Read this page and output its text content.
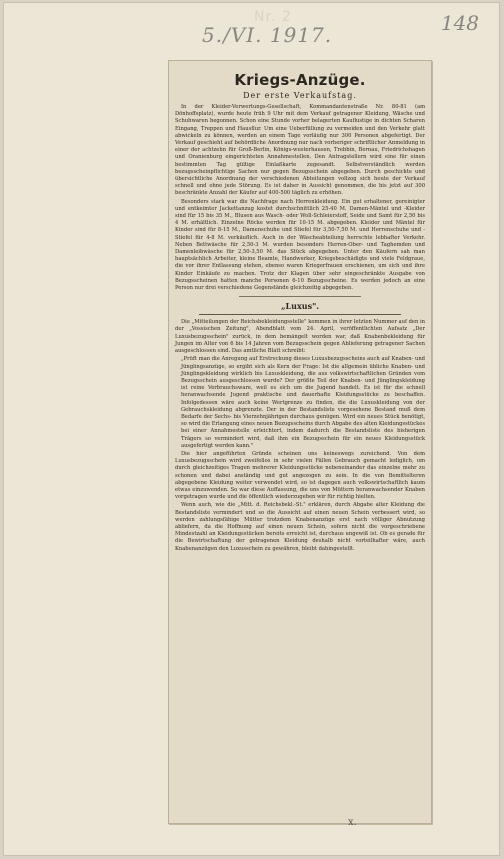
Nr. 2
5./VI. 1917.	148
Kriegs-Anzüge.
Der erste Verkaufstag.

In der Kleider-Verwertungs-Gesellschaft, Kommandantenstraße Nr. 80-81 (am Dönhoffsplatz), wurde heute früh 9 Uhr mit dem Verkauf getragener Kleidung, Wäsche und Schuhwaren begonnen. Schon eine Stunde vorher belagerten Kauflustige in dichten Scharen Eingang, Treppen und Hausflur. Um eine Ueberfüllung zu vermeiden und den Verkehr glatt abwickeln zu können, werden an einem Tage vorläufig nur 300 Personen abgefertigt. Der Verkauf geschieht auf behördliche Anordnung nur nach vorheriger schriftlicher Anmeldung in einer der achtzehn für Groß-Berlin, Königs-wusterhausen, Trebbin, Bernau, Friedrichshagen und Oranienburg eingerichteten Annahmestellen. Den Antragstellern wird eine für einen bestimmten Tag gültige Einlaßkarte zugesandt. Selbstverständlich werden bezugsscheinpflichtige Sachen nur gegen Bezugsschein abgegeben. Durch geschickte und übersichtliche Anordnung der verschiedenen Abteilungen vollzog sich heute der Verkauf schnell und ohne jede Störung. Es ist daher in Aussicht genommen, die bis jetzt auf 300 beschränkte Anzahl der Käufer auf 400-500 täglich zu erhöhen.

Besonders stark war die Nachfrage nach Herrenkleidung. Ein gut erhaltener, gereinigter und entkeimter Jackettanzug kostet durchschnittlich 25-40 M. Damen-Mäntel und -Kleider sind für 15 bis 35 M., Blusen aus Wasch- oder Woll-Schleierstoff, Seide und Samt für 2,50 bis 4 M. erhältlich. Einzelne Röcke werden für 10-15 M. abgegeben. Kleider und Mäntel für Kinder sind für 8-15 M., Damenschuhe und Stiefel für 3,50-7,50 M. und Herrenschuhe und -Stiefel für 4-8 M. verkäuflich. Auch in der Wäscheabteilung herrschte lebhafter Verkehr. Neben Bettwäsche für 2,50-3 M. wurden besonders Herren-Ober- und Taghemden und Damenleibwäsche für 2,50-3,50 M. das Stück abgegeben. Unter den Käufern sah man hauptsächlich Arbeiter, kleine Beamte, Handwerker, Kriegsbeschädigte und viele Feldgraue, die vor ihrer Entlassung stehen, ebenso waren Kriegerfrauen erschienen, um sich und ihre Kinder Einkäufe zu machen. Trotz der Klagen über sehr eingeschränkte Ausgabe von Bezugsscheinen hatten manche Personen 6-10 Bezugsscheine. Es werden jedoch an eine Person nur drei verschiedene Gegenstände gleichzeitig abgegeben.

„Luxus".

Die „Mitteilungen der Reichsbekleidungsstelle" kommen in ihrer letzten Nummer auf den in der „Vossischen Zeitung", Abendblatt vom 24. April, veröffentlichten Aufsatz „Der Luxusbezugsschein" zurück, in dem bemängelt worden war, daß Knabenbekleidung für Jungen im Alter von 6 bis 14 Jahren vom Bezugsschein gegen Ablieferung getragener Sachen ausgeschlossen sind. Das amtliche Blatt schreibt:

„Prüft man die Anregung auf Erstreckung dieses Luxusbezugsscheins auch auf Knaben- und Jünglingsanzüge, so ergibt sich als Kern der Frage: Ist die allgemein übliche Knaben- und Jünglingskleidung wirklich bis Luxuskleidung, die aus volkswirtschaftlichen Gründen vom Bezugsschein ausgeschlossen wurde? Der größte Teil der Knaben- und Jünglingskleidung ist reine Verbrauchsware, weil es sich um die Jugend handelt. Es ist für die schnell heranwachsende Jugend praktische und dauerhafte Kleidungsstücke zu beschaffen. Infolgedessen wäre auch keine Wertgrenze zu finden, die die Luxuskleidung von der Gebrauchskleidung abgrenzte. Der in der Bestandsliste vorgesehene Bestand muß dem Bedarfe der Sechs- bis Vierzehnjährigen durchaus genügen. Wird ein neues Stück benötigt, so wird die Erlangung eines neuen Bezugsscheins durch Abgabe des alten Kleidungsstückes bei einer Annahmestelle erleichtert, indem dadurch die Bestandsliste des bisherigen Trägers so vermindert wird, daß ihm ein Bezugsschein für ein neues Kleidungsstück ausgefertigt werden kann."

Die hier angeführten Gründe scheinen uns keineswegs zureichend. Von dem Luxusbezugsschein wird zweifellos in sehr vielen Fällen Gebrauch gemacht lediglich, um durch gleichzeitiges Tragen mehrerer Kleidungsstücke nebeneinander das einzelne mehr zu schonen und dabei anständig und gut angezogen zu sein. In die von Bemittelteren abgegebene Kleidung weiter verwendet wird, so ist dagegen auch volkswirtschaftlich kaum etwas einzuwenden. So war diese Auffassung, die uns von Müttern heranwachsender Knaben vorgetragen wurde und die öffentlich wiederzugeben wir für richtig hielten.

Wenn auch, wie die „Mitt. d. Reichsbekl.-St." erklären, durch Abgabe alter Kleidung die Bestandsliste vermindert und so die Aussicht auf einen neuen Schein verbessert wird, so werden zahlungsfähige Mütter trotzdem Knabenanzüge erst nach völliger Abnutzung abliefern, da die Hoffnung auf einen neuen Schein, sofern nicht die vorgeschriebene Mindestzahl an Kleidungsstücken bereits erreicht ist, durchaus ungewiß ist. Ob es gerade für die Bewirtschaftung der getragenen Kleidung deshalb nicht vorteilhafter wäre, auch Knabenanzügen den Luxusschein zu gewähren, bleibt dahingestellt.

x.
